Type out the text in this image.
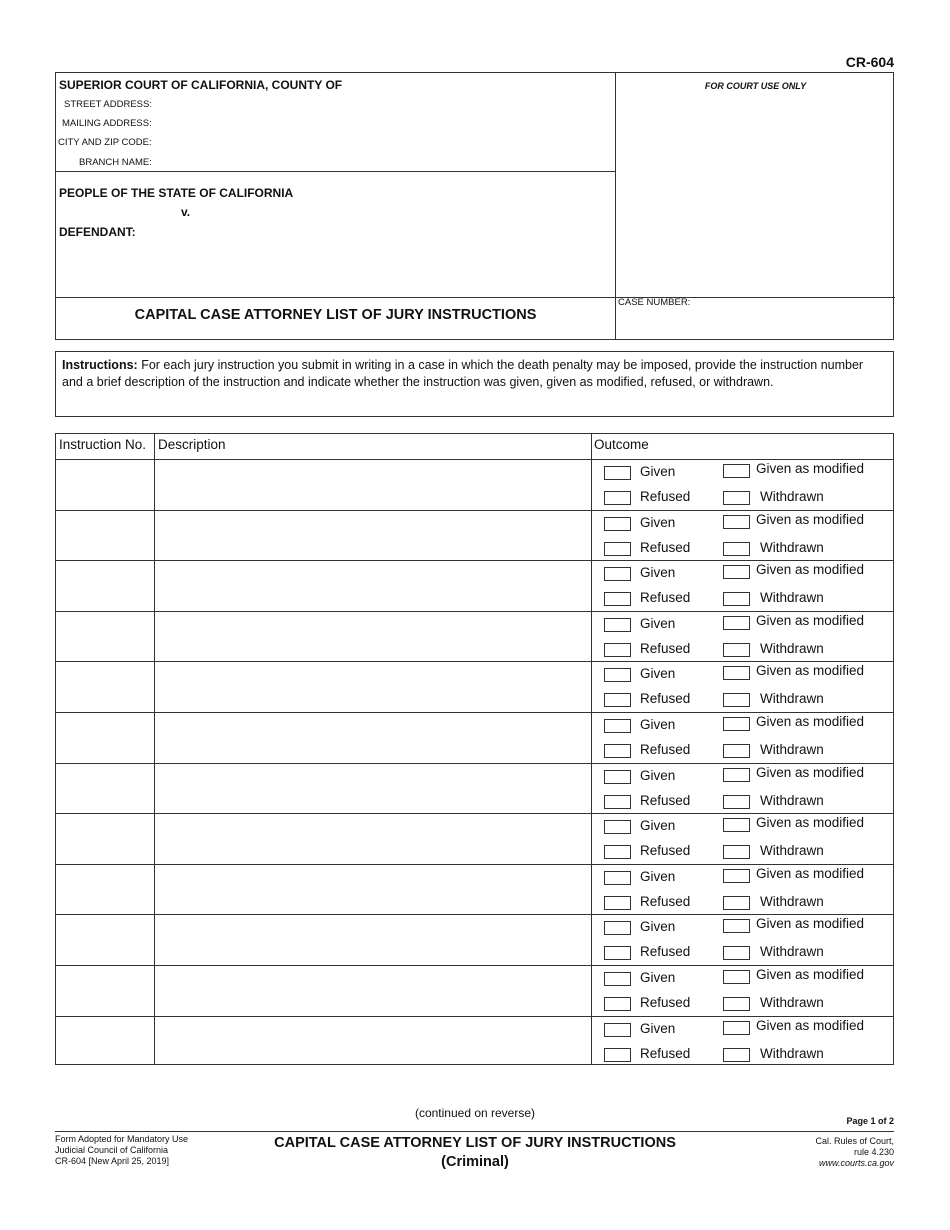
CR-604
SUPERIOR COURT OF CALIFORNIA, COUNTY OF
STREET ADDRESS:
MAILING ADDRESS:
CITY AND ZIP CODE:
BRANCH NAME:
PEOPLE OF THE STATE OF CALIFORNIA
v.
DEFENDANT:
FOR COURT USE ONLY
CASE NUMBER:
CAPITAL CASE ATTORNEY LIST OF JURY INSTRUCTIONS
Instructions: For each jury instruction you submit in writing in a case in which the death penalty may be imposed, provide the instruction number and a brief description of the instruction and indicate whether the instruction was given, given as modified, refused, or withdrawn.
Instruction No. Description	Outcome
Given	Given as modified
Refused	Withdrawn
Given	Given as modified
Refused	Withdrawn
Given	Given as modified
Refused	Withdrawn
Given	Given as modified
Refused	Withdrawn
Given	Given as modified
Refused	Withdrawn
Given	Given as modified
Refused	Withdrawn
Given	Given as modified
Refused	Withdrawn
Given	Given as modified
Refused	Withdrawn
Given	Given as modified
Refused	Withdrawn
Given	Given as modified
Refused	Withdrawn
Given	Given as modified
Refused	Withdrawn
Given	Given as modified
Refused	Withdrawn
(continued on reverse)
Page 1 of 2
Form Adopted for Mandatory Use
Judicial Council of California
CR-604 [New April 25, 2019]
CAPITAL CASE ATTORNEY LIST OF JURY INSTRUCTIONS
(Criminal)
Cal. Rules of Court,
rule 4.230
www.courts.ca.gov
